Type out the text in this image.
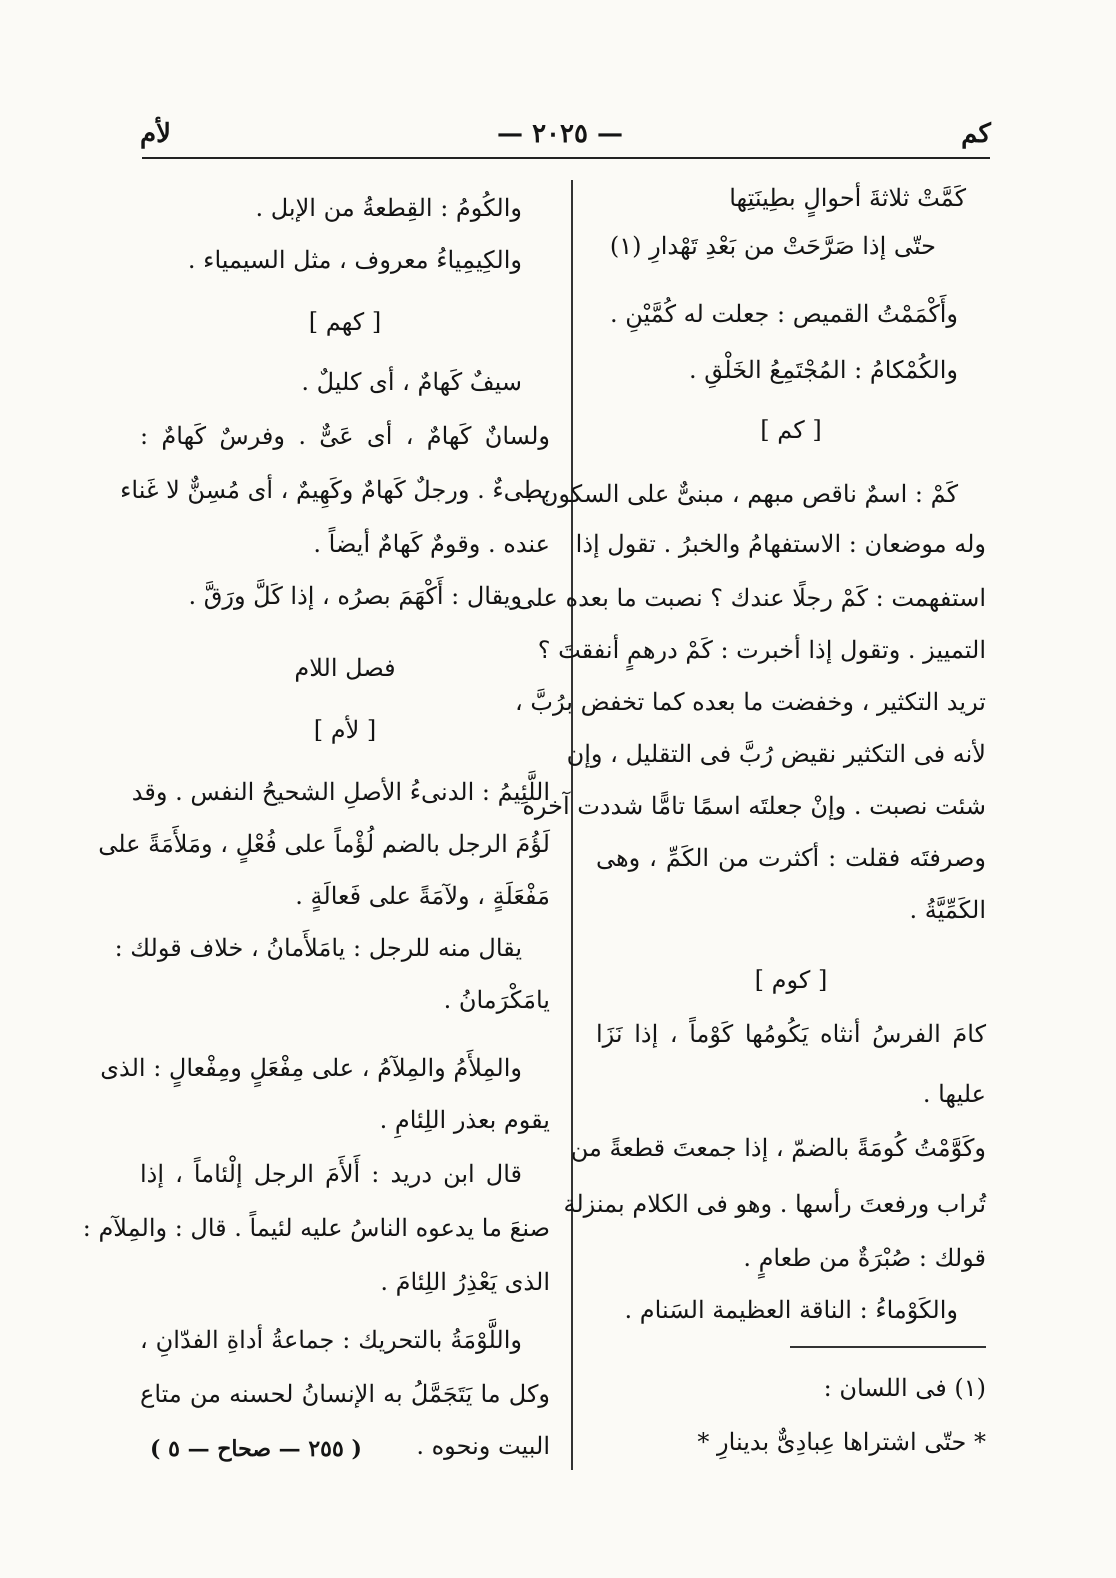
كم
— ٢٠٢٥ —
لأم
كَمَّتْ ثلاثةَ أحوالٍ بطِينَتِها
حتّى إذا صَرَّحَتْ من بَعْدِ تَهْدارِ (١)
وأَكْمَمْتُ القميص : جعلت له كُمَّيْنِ .
والكُمْكامُ : المُجْتَمِعُ الخَلْقِ .
[ كم ]
كَمْ : اسمٌ ناقص مبهم ، مبنىٌّ على السكون .
وله موضعان : الاستفهامُ والخبرُ . تقول إذا
استفهمت : كَمْ رجلًا عندك ؟ نصبت ما بعده على
التمييز . وتقول إذا أخبرت : كَمْ درهمٍ أنفقتَ ؟
تريد التكثير ، وخفضت ما بعده كما تخفض برُبَّ ،
لأنه فى التكثير نقيض رُبَّ فى التقليل ، وإن
شئت نصبت . وإنْ جعلتَه اسمًا تامًّا شددت آخره
وصرفتَه فقلت : أكثرت من الكَمِّ ، وهى
الكَمِّيَّةُ .
[ كوم ]
كامَ الفرسُ أنثاه يَكُومُها كَوْماً ، إذا نَزَا
عليها .
وكَوَّمْتُ كُومَةً بالضمّ ، إذا جمعتَ قطعةً من
تُراب ورفعتَ رأسها . وهو فى الكلام بمنزلة
قولك : صُبْرَةٌ من طعامٍ .
والكَوْماءُ : الناقة العظيمة السَنام .
(١) فى اللسان :
* حتّى اشتراها عِبادِىٌّ بدينارِ *
والكُومُ : القِطعةُ من الإبل .
والكِيمِياءُ معروف ، مثل السيمياء .
[ كهم ]
سيفٌ كَهامٌ ، أى كليلٌ .
ولسانٌ كَهامٌ ، أى عَىٌّ . وفرسٌ كَهامٌ :
بطىءٌ . ورجلٌ كَهامٌ وكَهِيمٌ ، أى مُسِنٌّ لا غَناء
عنده . وقومٌ كَهامٌ أيضاً .
ويقال : أَكْهَمَ بصرُه ، إذا كَلَّ ورَقَّ .
فصل اللام
[ لأم ]
اللَّئِيمُ : الدنىءُ الأصلِ الشحيحُ النفس . وقد
لَؤُمَ الرجل بالضم لُؤْماً على فُعْلٍ ، ومَلأَمَةً على
مَفْعَلَةٍ ، ولآمَةً على فَعالَةٍ .
يقال منه للرجل : يامَلأَمانُ ، خلاف قولك :
يامَكْرَمانُ .
والمِلأَمُ والمِلآمُ ، على مِفْعَلٍ ومِفْعالٍ : الذى
يقوم بعذر اللِئامِ .
قال ابن دريد : أَلأَمَ الرجل إلْئاماً ، إذا
صنعَ ما يدعوه الناسُ عليه لئيماً . قال : والمِلآم :
الذى يَعْذِرُ اللِئامَ .
واللَّوْمَةُ بالتحريك : جماعةُ أداةِ الفدّانِ ،
وكل ما يَتَجَمَّلُ به الإنسانُ لحسنه من متاع
البيت ونحوه .
( ٢٥٥ — صحاح — ٥ )
